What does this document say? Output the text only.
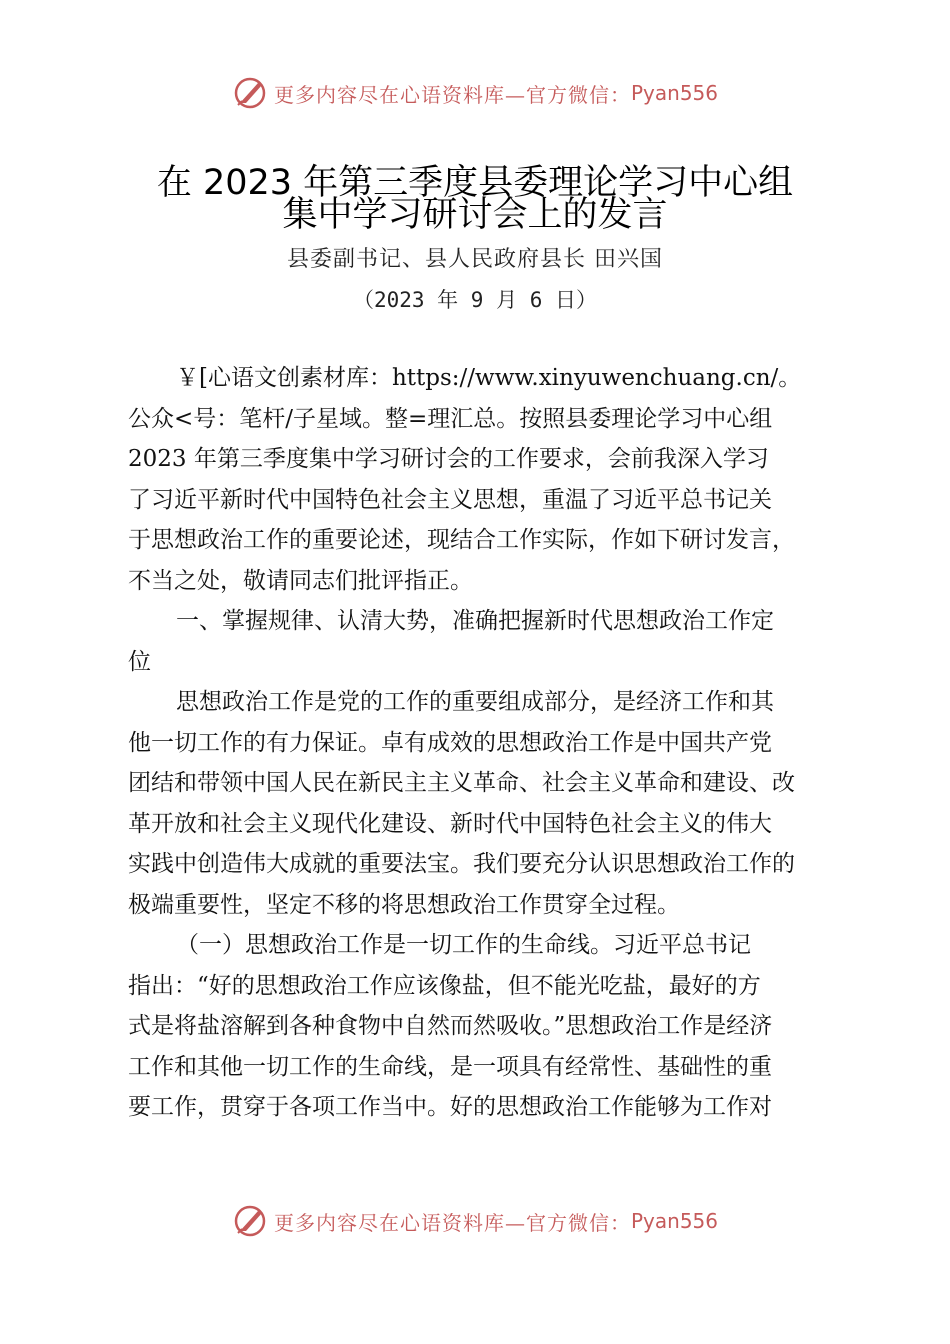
更多内容尽在心语资料库—官方微信： Pyan556
在 2023 年第三季度县委理论学习中心组
集中学习研讨会上的发言
县委副书记、县人民政府县长 田兴国
（2023 年 9 月 6 日）
￥[心语文创素材库：https://www.xinyuwenchuang.cn/。
公众<号：笔杆/子星域。整=理汇总。按照县委理论学习中心组
2023 年第三季度集中学习研讨会的工作要求，会前我深入学习
了习近平新时代中国特色社会主义思想，重温了习近平总书记关
于思想政治工作的重要论述，现结合工作实际，作如下研讨发言，
不当之处，敬请同志们批评指正。
一、掌握规律、认清大势，准确把握新时代思想政治工作定
位
思想政治工作是党的工作的重要组成部分，是经济工作和其
他一切工作的有力保证。卓有成效的思想政治工作是中国共产党
团结和带领中国人民在新民主主义革命、社会主义革命和建设、改
革开放和社会主义现代化建设、新时代中国特色社会主义的伟大
实践中创造伟大成就的重要法宝。我们要充分认识思想政治工作的
极端重要性，坚定不移的将思想政治工作贯穿全过程。
（一）思想政治工作是一切工作的生命线。习近平总书记
指出：“好的思想政治工作应该像盐，但不能光吃盐，最好的方
式是将盐溶解到各种食物中自然而然吸收。”思想政治工作是经济
工作和其他一切工作的生命线，是一项具有经常性、基础性的重
要工作，贯穿于各项工作当中。好的思想政治工作能够为工作对
更多内容尽在心语资料库—官方微信： Pyan556
